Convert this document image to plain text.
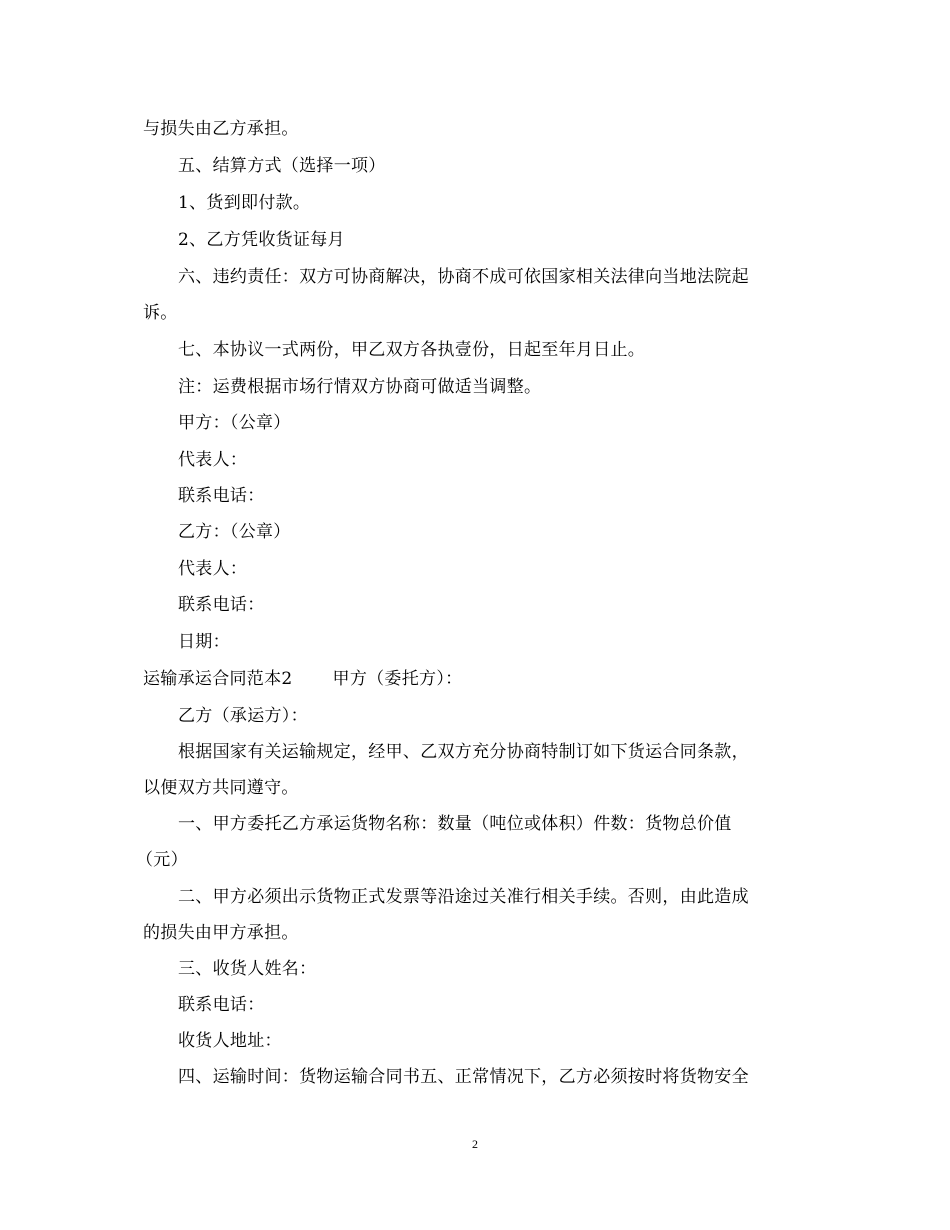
与损失由乙方承担。
五、结算方式（选择一项）
1、货到即付款。
2、乙方凭收货证每月
六、违约责任：双方可协商解决，协商不成可依国家相关法律向当地法院起
诉。
七、本协议一式两份，甲乙双方各执壹份，日起至年月日止。
注：运费根据市场行情双方协商可做适当调整。
甲方：（公章）
代表人：
联系电话：
乙方：（公章）
代表人：
联系电话：
日期：
运输承运合同范本2 甲方（委托方）：
乙方（承运方）：
根据国家有关运输规定，经甲、乙双方充分协商特制订如下货运合同条款，
以便双方共同遵守。
一、甲方委托乙方承运货物名称：数量（吨位或体积）件数：货物总价值
（元）
二、甲方必须出示货物正式发票等沿途过关准行相关手续。否则，由此造成
的损失由甲方承担。
三、收货人姓名：
联系电话：
收货人地址：
四、运输时间：货物运输合同书五、正常情况下，乙方必须按时将货物安全
2
